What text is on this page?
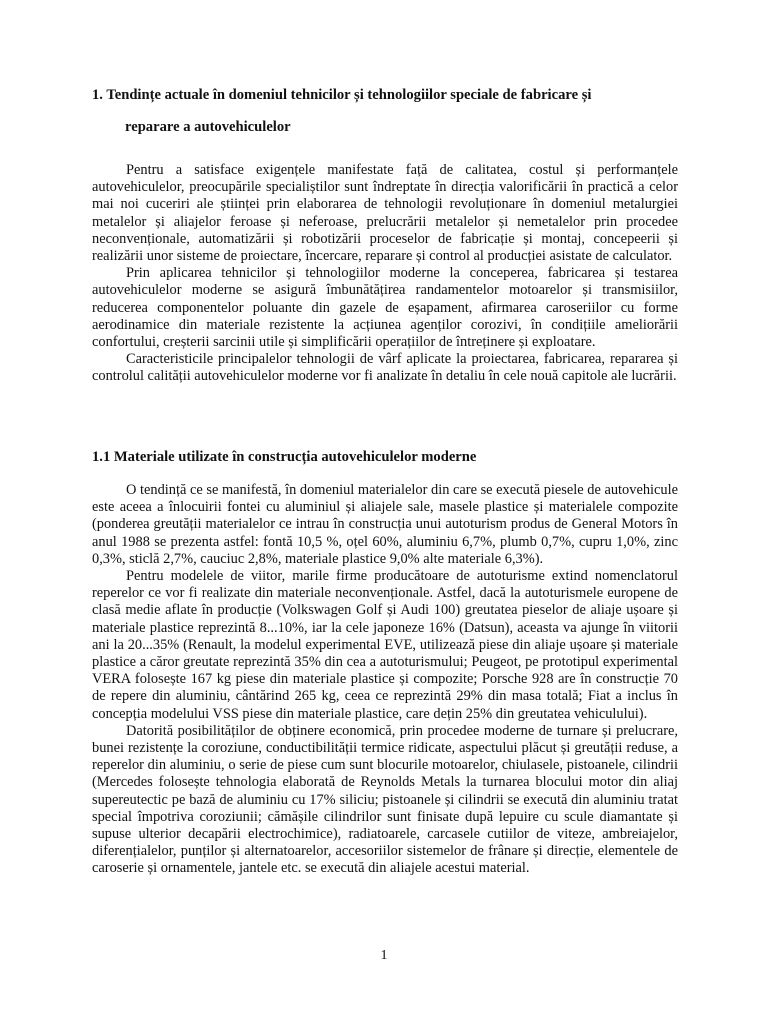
1. Tendințe actuale în domeniul tehnicilor și tehnologiilor speciale de fabricare și
reparare a autovehiculelor

Pentru a satisface exigențele manifestate față de calitatea, costul și performanțele autovehiculelor, preocupările specialiștilor sunt îndreptate în direcția valorificării în practică a celor mai noi cuceriri ale științei prin elaborarea de tehnologii revoluționare în domeniul metalurgiei metalelor și aliajelor feroase și neferoase, prelucrării metalelor și nemetalelor prin procedee neconvenționale, automatizării și robotizării proceselor de fabricație și montaj, concepeerii și realizării unor sisteme de proiectare, încercare, reparare și control al producției asistate de calculator.

Prin aplicarea tehnicilor și tehnologiilor moderne la conceperea, fabricarea și testarea autovehiculelor moderne se asigură îmbunătățirea randamentelor motoarelor și transmisiilor, reducerea componentelor poluante din gazele de eșapament, afirmarea caroseriilor cu forme aerodinamice din materiale rezistente la acțiunea agenților corozivi, în condițiile ameliorării confortului, creșterii sarcinii utile și simplificării operațiilor de întreținere și exploatare.

Caracteristicile principalelor tehnologii de vârf aplicate la proiectarea, fabricarea, repararea și controlul calității autovehiculelor moderne vor fi analizate în detaliu în cele nouă capitole ale lucrării.

1.1 Materiale utilizate în construcția autovehiculelor moderne

O tendință ce se manifestă, în domeniul materialelor din care se execută piesele de autovehicule este aceea a înlocuirii fontei cu aluminiul și aliajele sale, masele plastice și materialele compozite (ponderea greutății materialelor ce intrau în construcția unui autoturism produs de General Motors în anul 1988 se prezenta astfel: fontă 10,5 %, oțel 60%, aluminiu 6,7%, plumb 0,7%, cupru 1,0%, zinc 0,3%, sticlă 2,7%, cauciuc 2,8%, materiale plastice 9,0% alte materiale 6,3%).

Pentru modelele de viitor, marile firme producătoare de autoturisme extind nomenclatorul reperelor ce vor fi realizate din materiale neconvenționale. Astfel, dacă la autoturismele europene de clasă medie aflate în producție (Volkswagen Golf și Audi 100) greutatea pieselor de aliaje ușoare și materiale plastice reprezintă 8...10%, iar la cele japoneze 16% (Datsun), aceasta va ajunge în viitorii ani la 20...35% (Renault, la modelul experimental EVE, utilizează piese din aliaje ușoare și materiale plastice a căror greutate reprezintă 35% din cea a autoturismului; Peugeot, pe prototipul experimental VERA folosește 167 kg piese din materiale plastice și compozite; Porsche 928 are în construcție 70 de repere din aluminiu, cântărind 265 kg, ceea ce reprezintă 29% din masa totală; Fiat a inclus în concepția modelului VSS piese din materiale plastice, care dețin 25% din greutatea vehiculului).

Datorită posibilităților de obținere economică, prin procedee moderne de turnare și prelucrare, bunei rezistențe la coroziune, conductibilității termice ridicate, aspectului plăcut și greutății reduse, a reperelor din aluminiu, o serie de piese cum sunt blocurile motoarelor, chiulasele, pistoanele, cilindrii (Mercedes folosește tehnologia elaborată de Reynolds Metals la turnarea blocului motor din aliaj supereutectic pe bază de aluminiu cu 17% siliciu; pistoanele și cilindrii se execută din aluminiu tratat special împotriva coroziunii; cămășile cilindrilor sunt finisate după lepuire cu scule diamantate și supuse ulterior decapării electrochimice), radiatoarele, carcasele cutiilor de viteze, ambreiajelor, diferențialelor, punților și alternatoarelor, accesoriilor sistemelor de frânare și direcție, elementele de caroserie și ornamentele, jantele etc. se execută din aliajele acestui material.

1
